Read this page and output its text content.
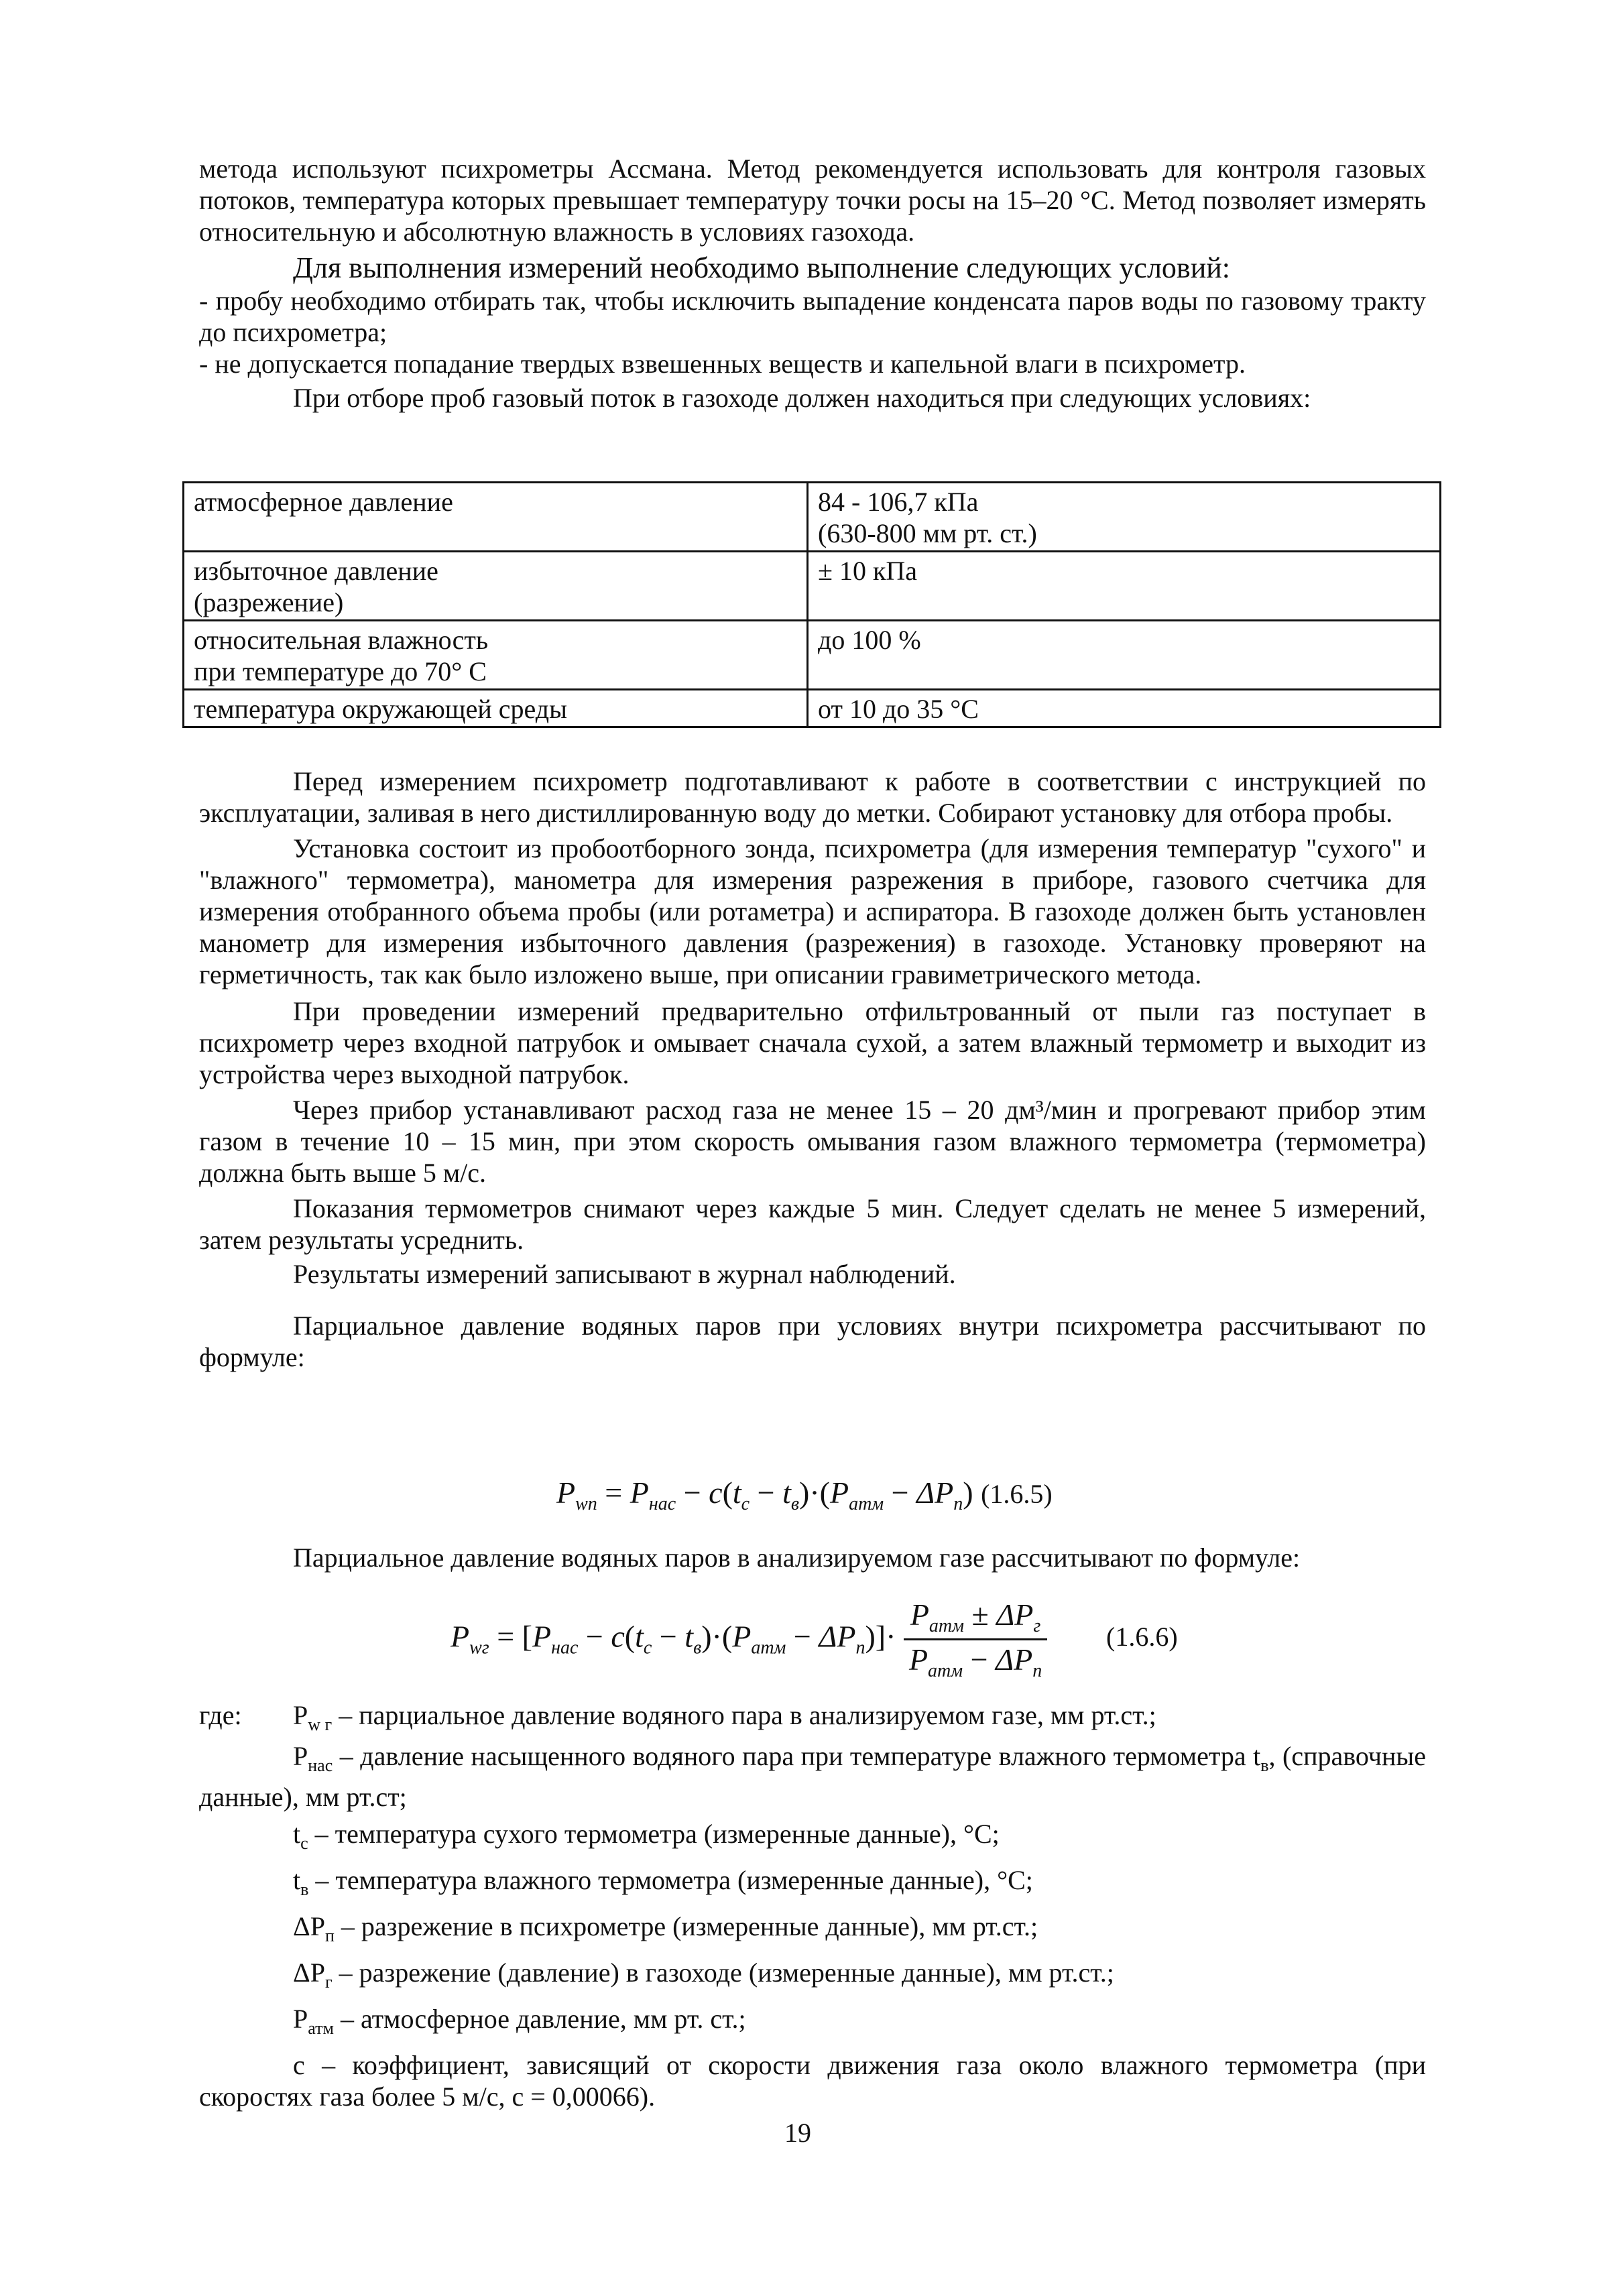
метода используют психрометры Ассмана. Метод рекомендуется использовать для контроля газовых потоков, температура которых превышает температуру точки росы на 15–20 °С. Метод позволяет измерять относительную и абсолютную влажность в условиях газохода.

Для выполнения измерений необходимо выполнение следующих условий:

- пробу необходимо отбирать так, чтобы исключить выпадение конденсата паров воды по газовому тракту до психрометра;

- не допускается попадание твердых взвешенных веществ и капельной влаги в психрометр.

При отборе проб газовый поток в газоходе должен находиться при следующих условиях:

атмосферное давление	84 - 106,7 кПа
(630-800 мм рт. ст.)

избыточное давление
(разрежение)	± 10 кПа

относительная влажность
при температуре до 70° С	до 100 %

температура окружающей среды	от 10 до 35 °С

Перед измерением психрометр подготавливают к работе в соответствии с инструкцией по эксплуатации, заливая в него дистиллированную воду до метки. Собирают установку для отбора пробы.

Установка состоит из пробоотборного зонда, психрометра (для измерения температур "сухого" и "влажного" термометра), манометра для измерения разрежения в приборе, газового счетчика для измерения отобранного объема пробы (или ротаметра) и аспиратора. В газоходе должен быть установлен манометр для измерения избыточного давления (разрежения) в газоходе. Установку проверяют на герметичность, так как было изложено выше, при описании гравиметрического метода.

При проведении измерений предварительно отфильтрованный от пыли газ поступает в психрометр через входной патрубок и омывает сначала сухой, а затем влажный термометр и выходит из устройства через выходной патрубок.

Через прибор устанавливают расход газа не менее 15 – 20 дм³/мин и прогревают прибор этим газом в течение 10 – 15 мин, при этом скорость омывания газом влажного термометра (термометра) должна быть выше 5 м/с.

Показания термометров снимают через каждые 5 мин. Следует сделать не менее 5 измерений, затем результаты усреднить.

Результаты измерений записывают в журнал наблюдений.

Парциальное давление водяных паров при условиях внутри психрометра рассчитывают по формуле:

$P_{wп} = P_{нас} - c(t_c - t_в)\cdot(P_{атм} - \Delta P_п)$ (1.6.5)

Парциальное давление водяных паров в анализируемом газе рассчитывают по формуле:

$P_{wг} = [P_{нас} - c(t_c - t_в)\cdot(P_{атм} - \Delta P_п)]\cdot \frac{P_{атм} \pm \Delta P_г}{P_{атм} - \Delta P_п} (1.6.6)$
где:	$P_{w г}$ – парциальное давление водяного пара в анализируемом газе, мм рт.ст.;
$P_{нас}$ – давление насыщенного водяного пара при температуре влажного термометра $t_в$, (справочные данные), мм рт.ст;
$t_с$ – температура сухого термометра (измеренные данные), °С;
$t_в$ – температура влажного термометра (измеренные данные), °С;
$\Delta P_п$ – разрежение в психрометре (измеренные данные), мм рт.ст.;
$\Delta P_г$ – разрежение (давление) в газоходе (измеренные данные), мм рт.ст.;
$P_{атм}$ – атмосферное давление, мм рт. ст.;
с – коэффициент, зависящий от скорости движения газа около влажного термометра (при скоростях газа более 5 м/с, с = 0,00066).
19
